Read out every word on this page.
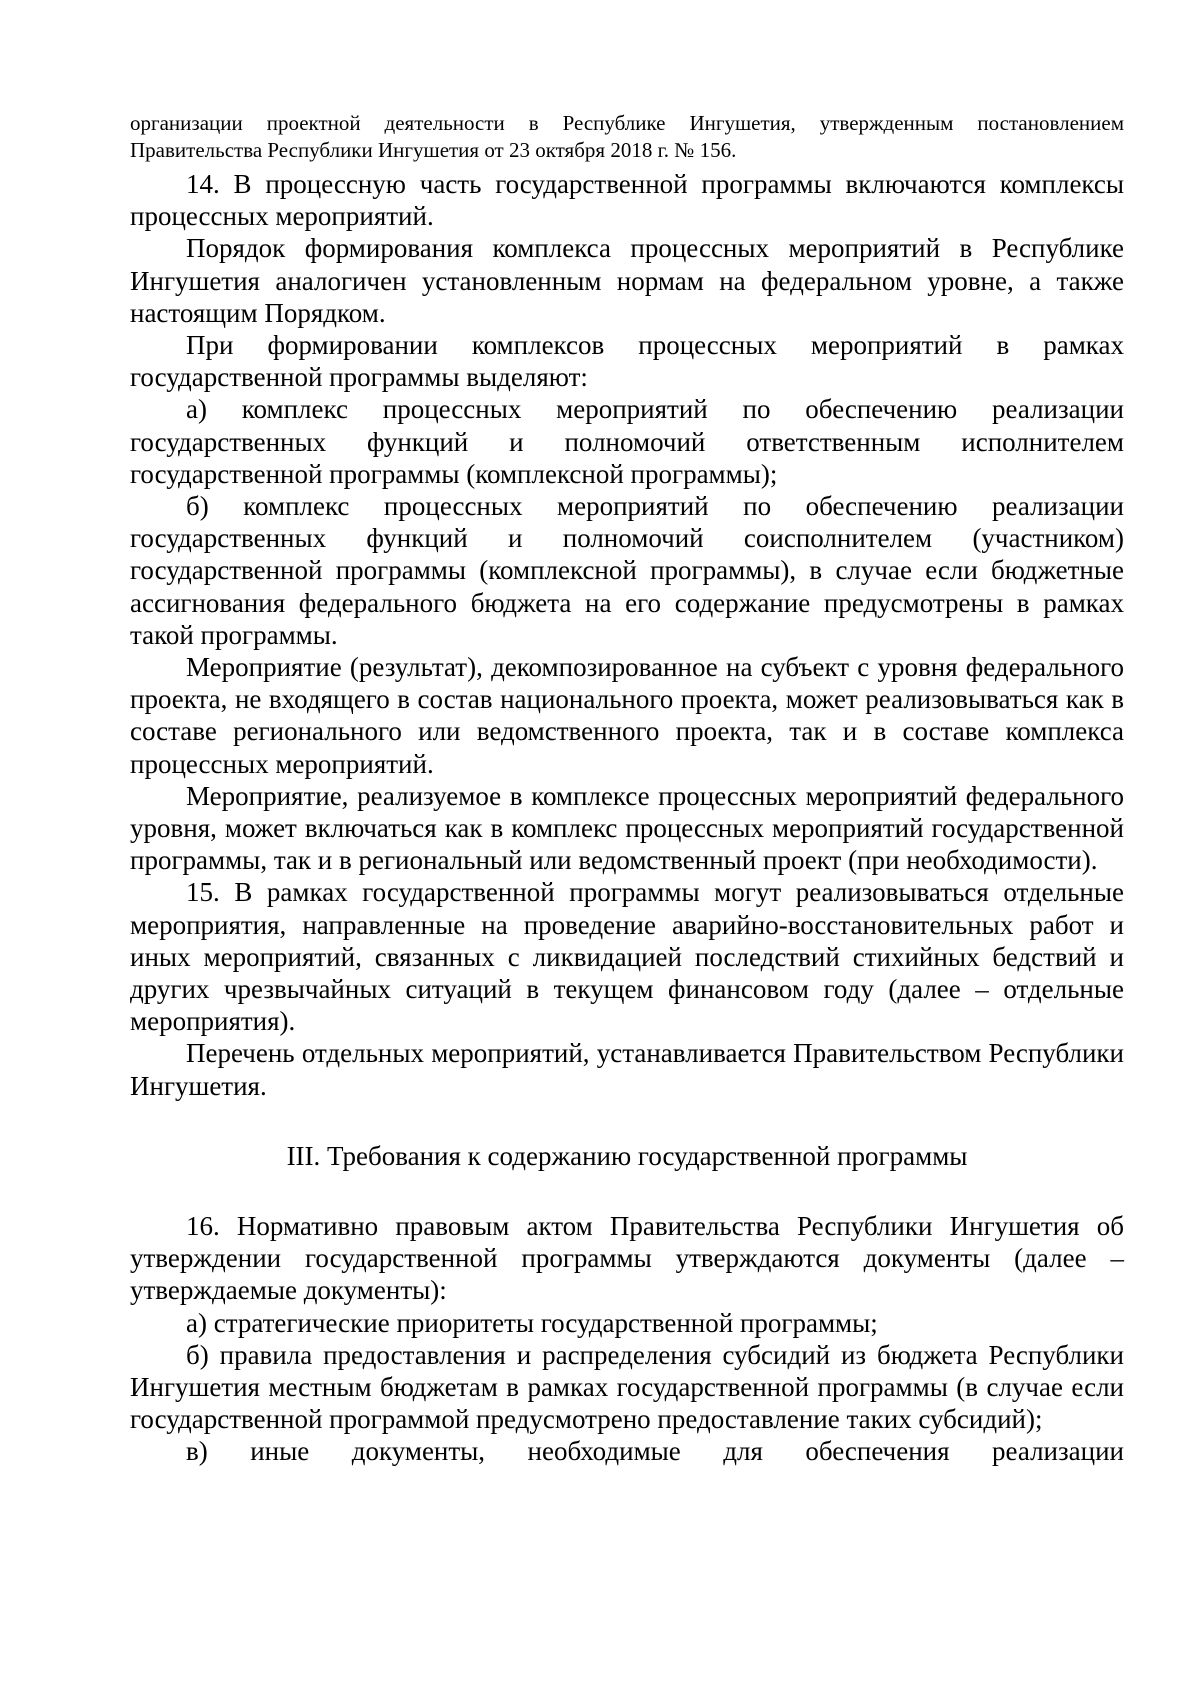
организации проектной деятельности в Республике Ингушетия, утвержденным постановлением Правительства Республики Ингушетия от 23 октября 2018 г. № 156.

14. В процессную часть государственной программы включаются комплексы процессных мероприятий.

Порядок формирования комплекса процессных мероприятий в Республике Ингушетия аналогичен установленным нормам на федеральном уровне, а также настоящим Порядком.

При формировании комплексов процессных мероприятий в рамках государственной программы выделяют:

а) комплекс процессных мероприятий по обеспечению реализации государственных функций и полномочий ответственным исполнителем государственной программы (комплексной программы);

б) комплекс процессных мероприятий по обеспечению реализации государственных функций и полномочий соисполнителем (участником) государственной программы (комплексной программы), в случае если бюджетные ассигнования федерального бюджета на его содержание предусмотрены в рамках такой программы.

Мероприятие (результат), декомпозированное на субъект с уровня федерального проекта, не входящего в состав национального проекта, может реализовываться как в составе регионального или ведомственного проекта, так и в составе комплекса процессных мероприятий.

Мероприятие, реализуемое в комплексе процессных мероприятий федерального уровня, может включаться как в комплекс процессных мероприятий государственной программы, так и в региональный или ведомственный проект (при необходимости).

15. В рамках государственной программы могут реализовываться отдельные мероприятия, направленные на проведение аварийно-восстановительных работ и иных мероприятий, связанных с ликвидацией последствий стихийных бедствий и других чрезвычайных ситуаций в текущем финансовом году (далее – отдельные мероприятия).

Перечень отдельных мероприятий, устанавливается Правительством Республики Ингушетия.

III. Требования к содержанию государственной программы

16. Нормативно правовым актом Правительства Республики Ингушетия об утверждении государственной программы утверждаются документы (далее – утверждаемые документы):

а) стратегические приоритеты государственной программы;

б) правила предоставления и распределения субсидий из бюджета Республики Ингушетия местным бюджетам в рамках государственной программы (в случае если государственной программой предусмотрено предоставление таких субсидий);

в) иные документы, необходимые для обеспечения реализации
